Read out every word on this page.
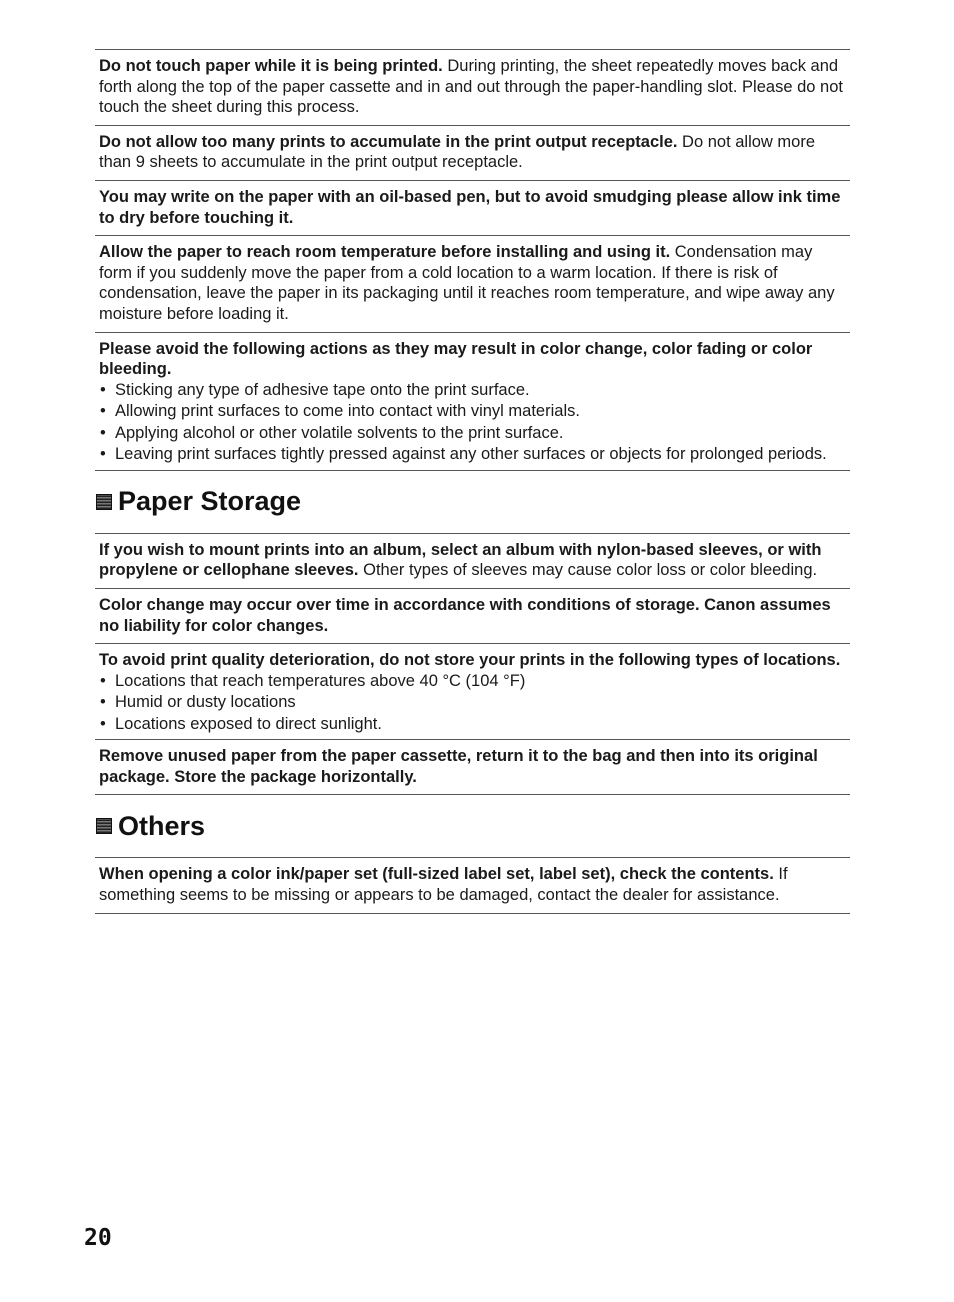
Do not touch paper while it is being printed. During printing, the sheet repeatedly moves back and forth along the top of the paper cassette and in and out through the paper-handling slot. Please do not touch the sheet during this process.
Do not allow too many prints to accumulate in the print output receptacle. Do not allow more than 9 sheets to accumulate in the print output receptacle.
You may write on the paper with an oil-based pen, but to avoid smudging please allow ink time to dry before touching it.
Allow the paper to reach room temperature before installing and using it. Condensation may form if you suddenly move the paper from a cold location to a warm location. If there is risk of condensation, leave the paper in its packaging until it reaches room temperature, and wipe away any moisture before loading it.
Please avoid the following actions as they may result in color change, color fading or color bleeding.
• Sticking any type of adhesive tape onto the print surface.
• Allowing print surfaces to come into contact with vinyl materials.
• Applying alcohol or other volatile solvents to the print surface.
• Leaving print surfaces tightly pressed against any other surfaces or objects for prolonged periods.
Paper Storage
If you wish to mount prints into an album, select an album with nylon-based sleeves, or with propylene or cellophane sleeves. Other types of sleeves may cause color loss or color bleeding.
Color change may occur over time in accordance with conditions of storage. Canon assumes no liability for color changes.
To avoid print quality deterioration, do not store your prints in the following types of locations.
• Locations that reach temperatures above 40 °C (104 °F)
• Humid or dusty locations
• Locations exposed to direct sunlight.
Remove unused paper from the paper cassette, return it to the bag and then into its original package. Store the package horizontally.
Others
When opening a color ink/paper set (full-sized label set, label set), check the contents. If something seems to be missing or appears to be damaged, contact the dealer for assistance.
20
